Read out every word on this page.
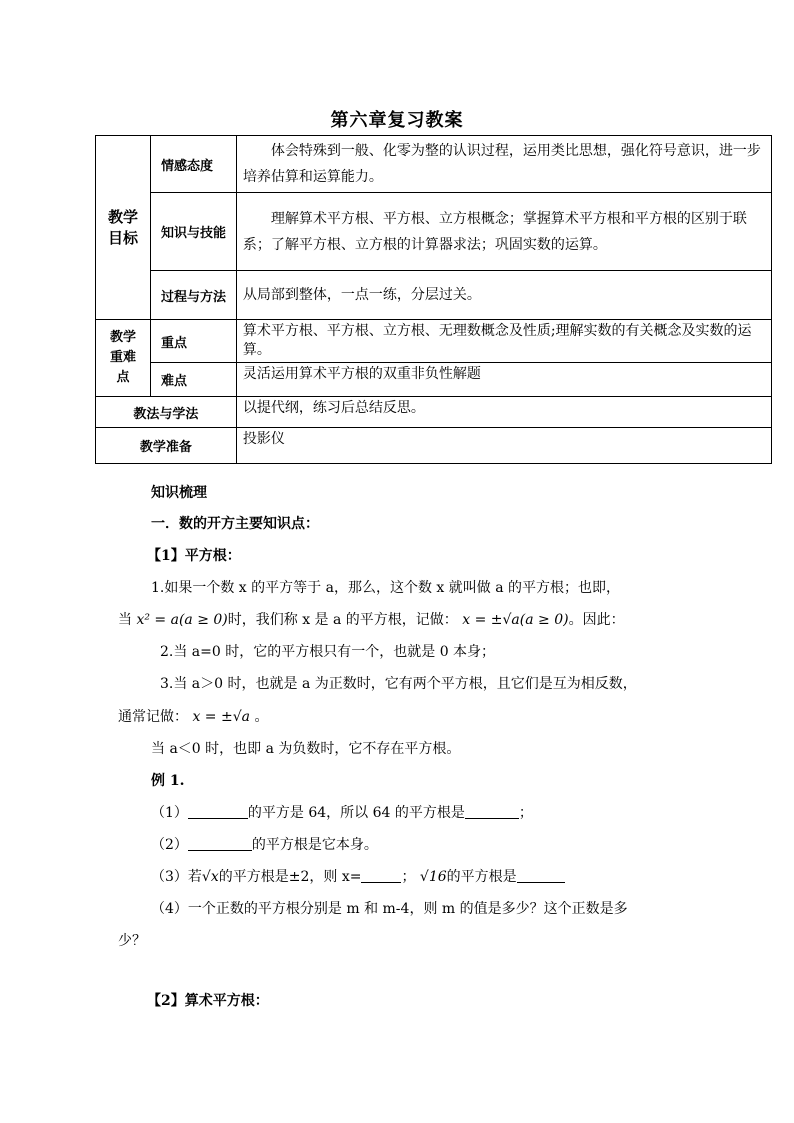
第六章复习教案
教学目标	情感态度	体会特殊到一般、化零为整的认识过程，运用类比思想，强化符号意识，进一步培养估算和运算能力。

	知识与技能	理解算术平方根、平方根、立方根概念；掌握算术平方根和平方根的区别于联系；了解平方根、立方根的计算器求法；巩固实数的运算。

	过程与方法	从局部到整体，一点一练，分层过关。
教学重难点	重点	算术平方根、平方根、立方根、无理数概念及性质;理解实数的有关概念及实数的运算。
	难点	灵活运用算术平方根的双重非负性解题
教法与学法		以提代纲，练习后总结反思。
教学准备		投影仪
知识梳理
一．数的开方主要知识点：
【1】平方根：
1.如果一个数 x 的平方等于 a，那么，这个数 x 就叫做 a 的平方根；也即，
当 x² = a(a ≥ 0)时，我们称 x 是 a 的平方根，记做： x = ±√a(a ≥ 0)。因此：
2.当 a=0 时，它的平方根只有一个，也就是 0 本身；
3.当 a＞0 时，也就是 a 为正数时，它有两个平方根，且它们是互为相反数，
通常记做： x = ±√a 。
当 a＜0 时，也即 a 为负数时，它不存在平方根。
例 1.
（1）	的平方是 64，所以 64 的平方根是	；
（2）	的平方根是它本身。
（3）若√x的平方根是±2，则 x=	； √16的平方根是
（4）一个正数的平方根分别是 m 和 m-4，则 m 的值是多少？这个正数是多
少？
【2】算术平方根：
